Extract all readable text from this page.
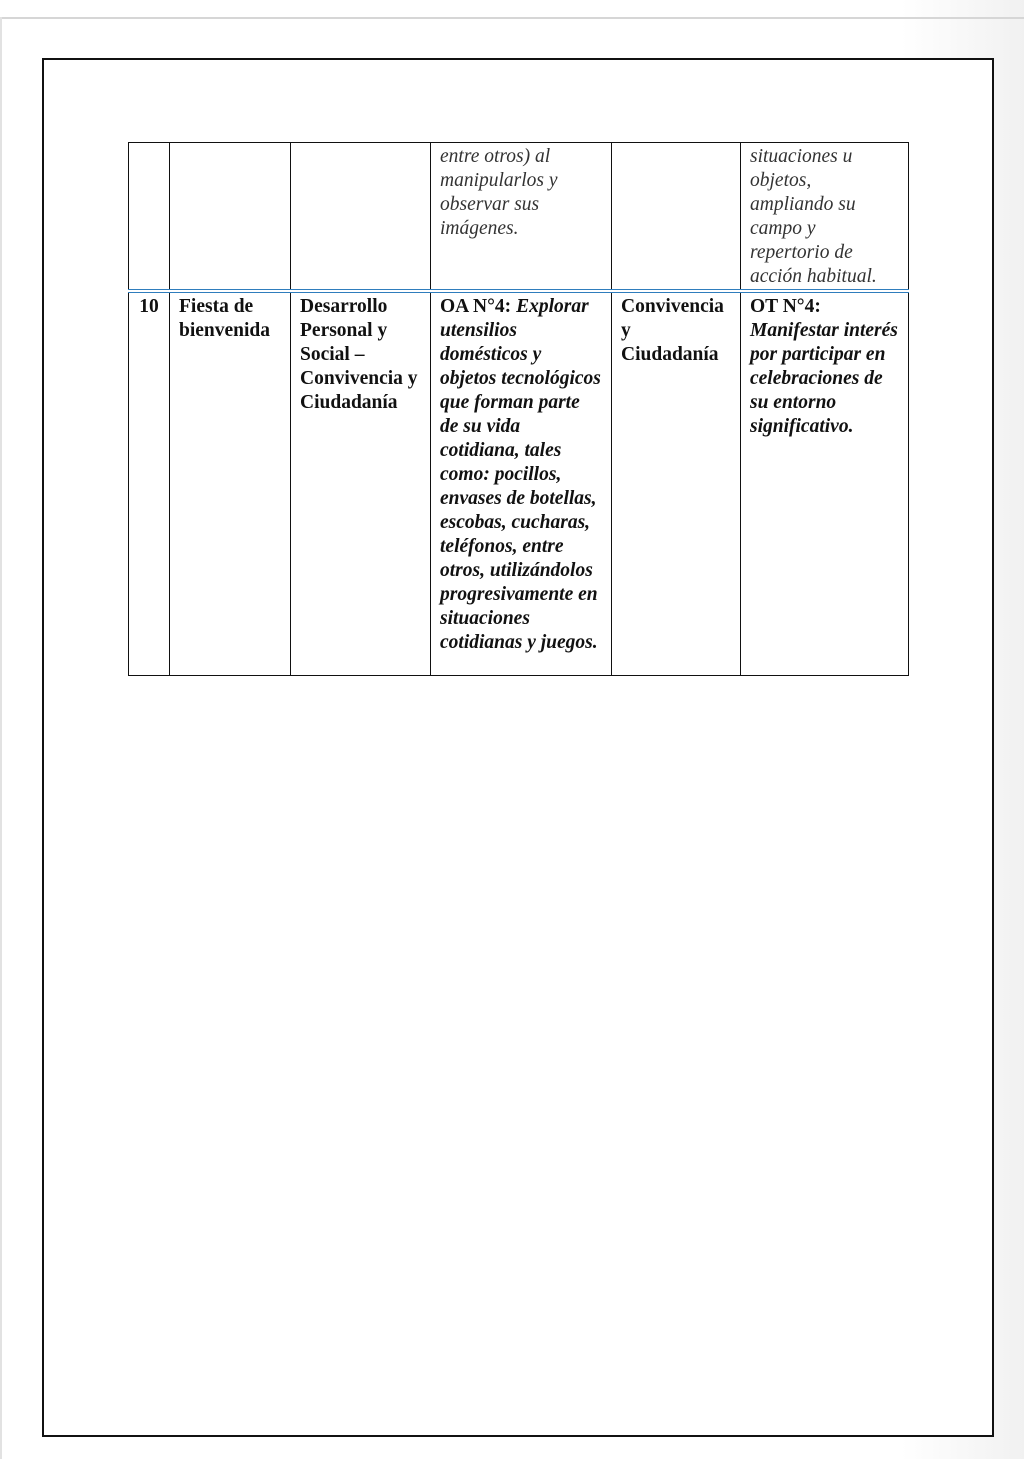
			entre otros) al manipularlos y observar sus imágenes.		situaciones u objetos, ampliando su campo y repertorio de acción habitual.
10	Fiesta de bienvenida	Desarrollo Personal y Social – Convivencia y Ciudadanía	OA N°4: Explorar utensilios domésticos y objetos tecnológicos que forman parte de su vida cotidiana, tales como: pocillos, envases de botellas, escobas, cucharas, teléfonos, entre otros, utilizándolos progresivamente en situaciones cotidianas y juegos.	Convivencia y Ciudadanía	OT N°4: Manifestar interés por participar en celebraciones de su entorno significativo.
